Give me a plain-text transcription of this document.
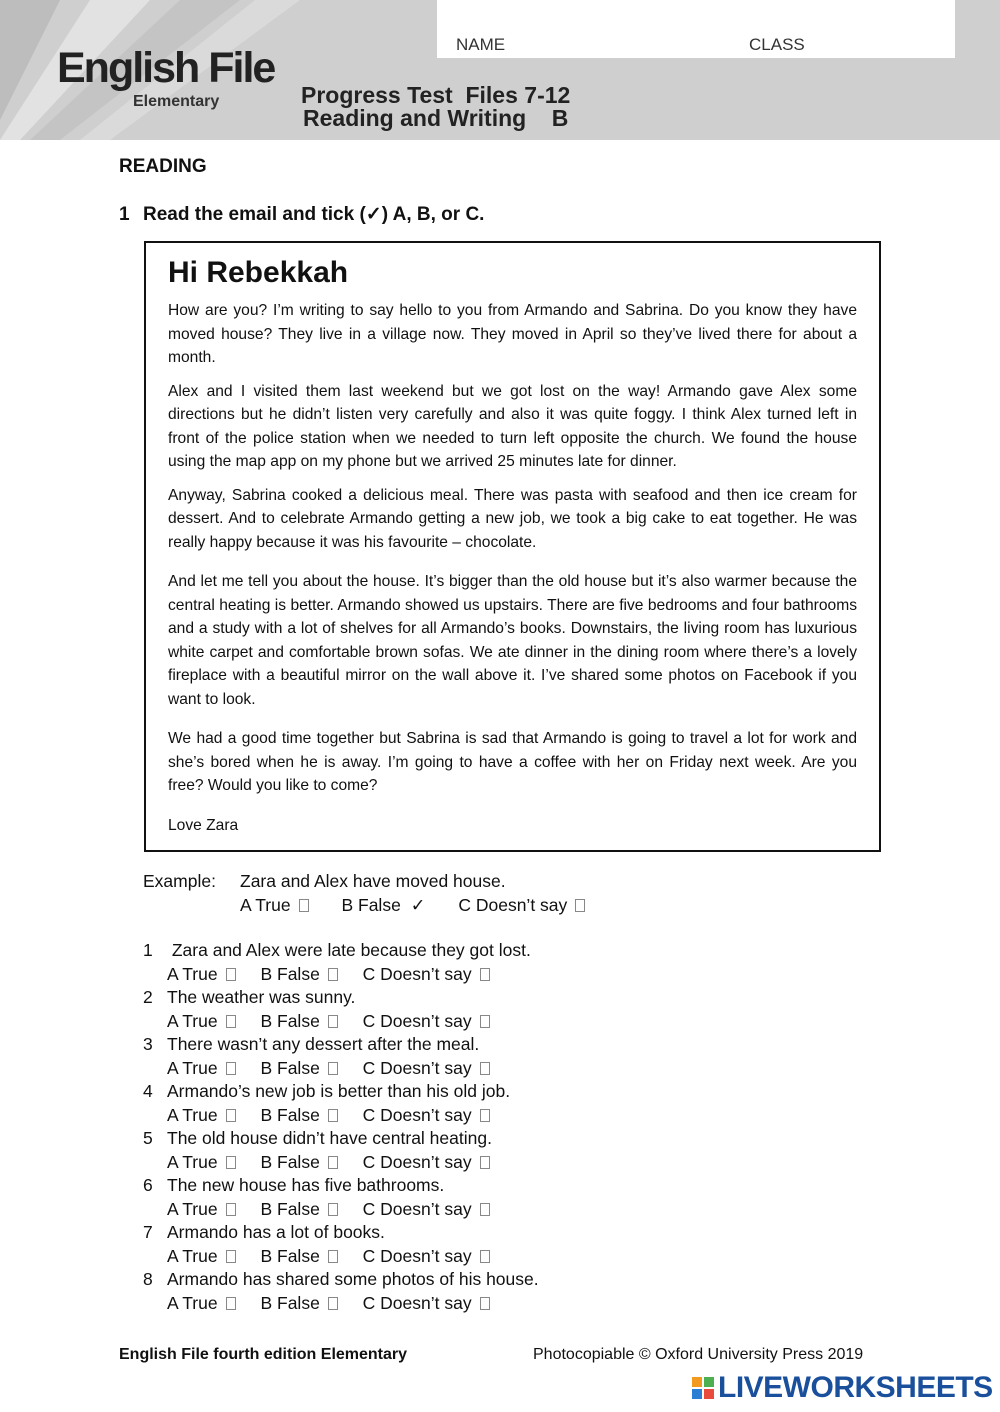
English File
Elementary
NAME	CLASS
Progress Test  Files 7-12
Reading and Writing    B
READING
1 Read the email and tick (✓) A, B, or C.
Hi Rebekkah

How are you? I’m writing to say hello to you from Armando and Sabrina. Do you know they have moved house? They live in a village now. They moved in April so they’ve lived there for about a month.

Alex and I visited them last weekend but we got lost on the way! Armando gave Alex some directions but he didn’t listen very carefully and also it was quite foggy. I think Alex turned left in front of the police station when we needed to turn left opposite the church. We found the house using the map app on my phone but we arrived 25 minutes late for dinner.

Anyway, Sabrina cooked a delicious meal. There was pasta with seafood and then ice cream for dessert. And to celebrate Armando getting a new job, we took a big cake to eat together. He was really happy because it was his favourite – chocolate.

And let me tell you about the house. It’s bigger than the old house but it’s also warmer because the central heating is better. Armando showed us upstairs. There are five bedrooms and four bathrooms and a study with a lot of shelves for all Armando’s books. Downstairs, the living room has luxurious white carpet and comfortable brown sofas. We ate dinner in the dining room where there’s a lovely fireplace with a beautiful mirror on the wall above it. I’ve shared some photos on Facebook if you want to look.

We had a good time together but Sabrina is sad that Armando is going to travel a lot for work and she’s bored when he is away. I’m going to have a coffee with her on Friday next week. Are you free? Would you like to come?

Love Zara

Example: Zara and Alex have moved house.
A True	B False ✓ C Doesn’t say
1 Zara and Alex were late because they got lost.
A True B False C Doesn’t say
2 The weather was sunny.
A True B False C Doesn’t say
3 There wasn’t any dessert after the meal.
A True B False C Doesn’t say
4 Armando’s new job is better than his old job.
A True B False C Doesn’t say
5 The old house didn’t have central heating.
A True B False C Doesn’t say
6 The new house has five bathrooms.
A True B False C Doesn’t say
7 Armando has a lot of books.
A True B False C Doesn’t say
8 Armando has shared some photos of his house.
A True B False C Doesn’t say
English File fourth edition Elementary	Photocopiable © Oxford University Press 2019
LIVEWORKSHEETS
